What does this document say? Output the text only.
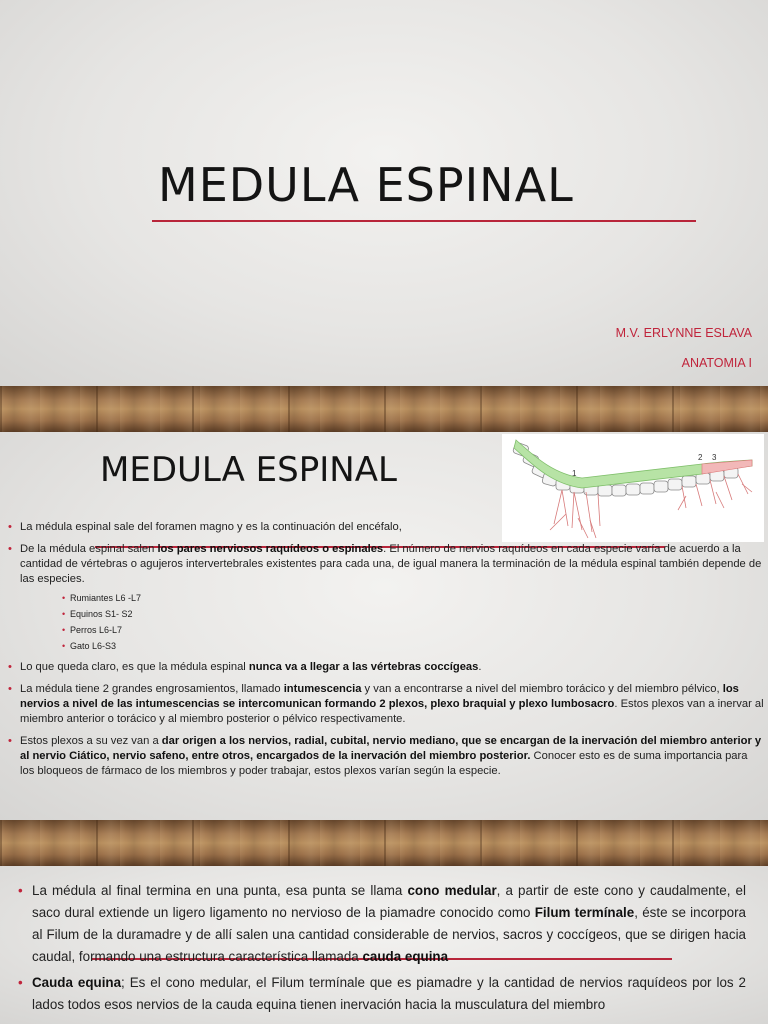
MEDULA ESPINAL
M.V. ERLYNNE ESLAVA
ANATOMIA I
MEDULA ESPINAL	1
2 3
• La médula espinal sale del foramen magno y es la continuación del encéfalo,
• De la médula espinal salen los pares nerviosos raquídeos o espinales. El número de nervios raquídeos en cada especie varía de acuerdo a la cantidad de vértebras o agujeros intervertebrales existentes para cada una, de igual manera la terminación de la médula espinal también depende de las especies.
• Rumiantes L6 -L7
• Equinos S1- S2
• Perros L6-L7
• Gato L6-S3
• Lo que queda claro, es que la médula espinal nunca va a llegar a las vértebras coccígeas.
• La médula tiene 2 grandes engrosamientos, llamado intumescencia y van a encontrarse a nivel del miembro torácico y del miembro pélvico, los nervios a nivel de las intumescencias se intercomunican formando 2 plexos, plexo braquial y plexo lumbosacro. Estos plexos van a inervar al miembro anterior o torácico y al miembro posterior o pélvico respectivamente.
• Estos plexos a su vez van a dar origen a los nervios, radial, cubital, nervio mediano, que se encargan de la inervación del miembro anterior y al nervio Ciático, nervio safeno, entre otros, encargados de la inervación del miembro posterior. Conocer esto es de suma importancia para los bloqueos de fármaco de los miembros y poder trabajar, estos plexos varían según la especie.
• La médula al final termina en una punta, esa punta se llama cono medular, a partir de este cono y caudalmente, el saco dural extiende un ligero ligamento no nervioso de la piamadre conocido como Filum termínale, éste se incorpora al Filum de la duramadre y de allí salen una cantidad considerable de nervios, sacros y coccígeos, que se dirigen hacia caudal, formando una estructura característica llamada cauda equina
• Cauda equina; Es el cono medular, el Filum termínale que es piamadre y la cantidad de nervios raquídeos por los 2 lados todos esos nervios de la cauda equina tienen inervación hacia la musculatura del miembro
